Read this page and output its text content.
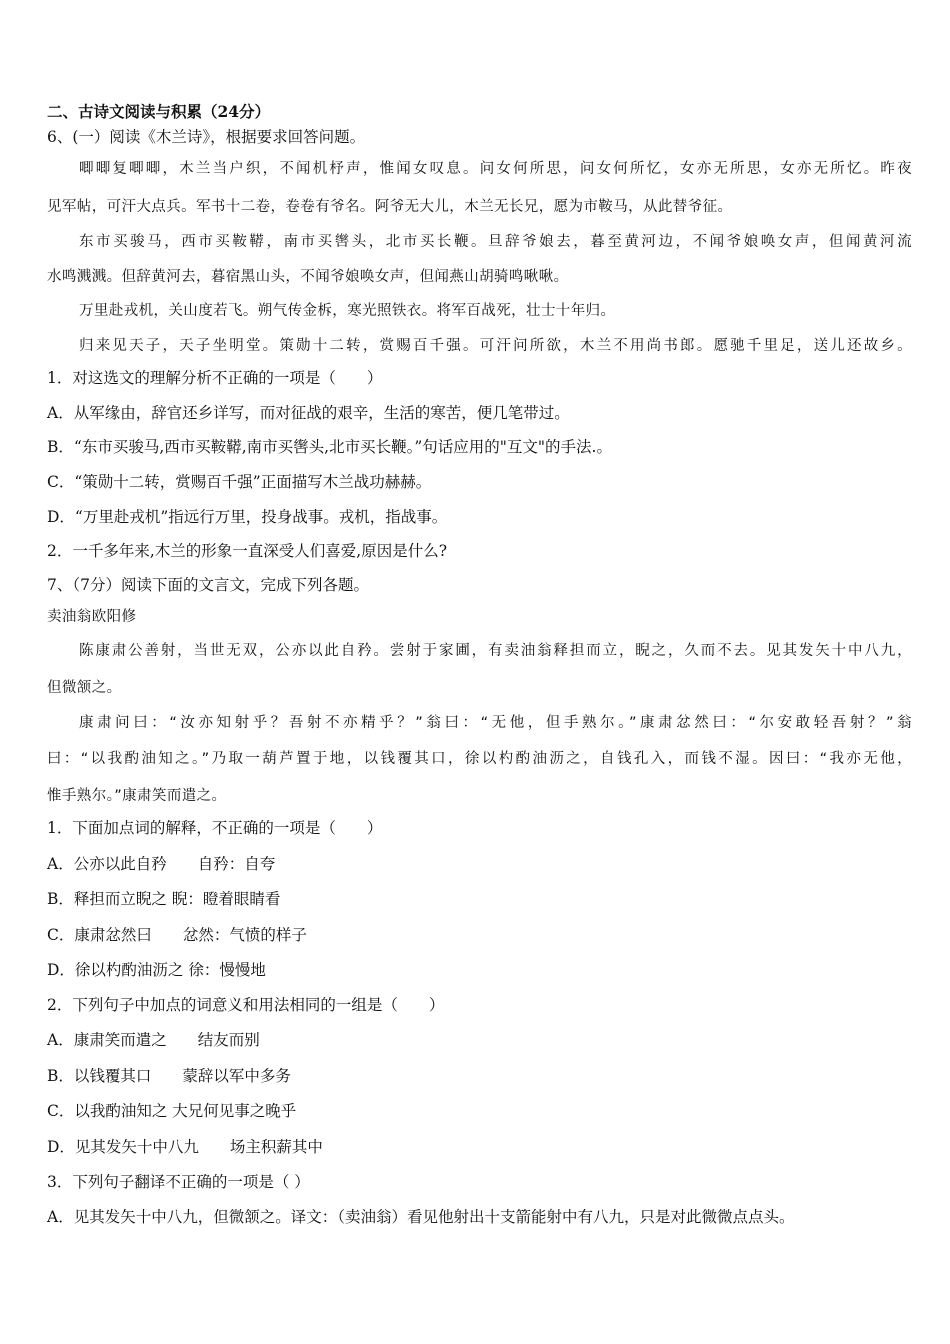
二、古诗文阅读与积累（24分）
6、(一）阅读《木兰诗》，根据要求回答问题。
唧唧复唧唧，木兰当户织，不闻机杼声，惟闻女叹息。问女何所思，问女何所忆，女亦无所思，女亦无所忆。昨夜
见军帖，可汗大点兵。军书十二卷，卷卷有爷名。阿爷无大儿，木兰无长兄，愿为市鞍马，从此替爷征。
东市买骏马，西市买鞍鞯，南市买辔头，北市买长鞭。旦辞爷娘去，暮至黄河边，不闻爷娘唤女声，但闻黄河流
水鸣溅溅。但辞黄河去，暮宿黑山头，不闻爷娘唤女声，但闻燕山胡骑鸣啾啾。
万里赴戎机，关山度若飞。朔气传金柝，寒光照铁衣。将军百战死，壮士十年归。
归来见天子，天子坐明堂。策勋十二转，赏赐百千强。可汗问所欲，木兰不用尚书郎。愿驰千里足，送儿还故乡。
1．对这选文的理解分析不正确的一项是（　　）
A．从军缘由，辞官还乡详写，而对征战的艰辛，生活的寒苦，便几笔带过。
B．“东市买骏马,西市买鞍鞯,南市买辔头,北市买长鞭。”句话应用的"互文"的手法.。
C．“策勋十二转，赏赐百千强”正面描写木兰战功赫赫。
D．“万里赴戎机”指远行万里，投身战事。戎机，指战事。
2．一千多年来,木兰的形象一直深受人们喜爱,原因是什么?
7、（7分）阅读下面的文言文，完成下列各题。
卖油翁欧阳修
陈康肃公善射，当世无双，公亦以此自矜。尝射于家圃，有卖油翁释担而立，睨之，久而不去。见其发矢十中八九，
但微颔之。
康肃问曰：“汝亦知射乎？吾射不亦精乎？”翁曰：“无他，但手熟尔。”康肃忿然曰：“尔安敢轻吾射？”翁
曰：“以我酌油知之。”乃取一葫芦置于地，以钱覆其口，徐以杓酌油沥之，自钱孔入，而钱不湿。因曰：“我亦无他，
惟手熟尔。”康肃笑而遣之。
1．下面加点词的解释，不正确的一项是（　　）
A．公亦以此自矜　　自矜：自夸
B．释担而立睨之 睨：瞪着眼睛看
C．康肃忿然曰　　忿然：气愤的样子
D．徐以杓酌油沥之 徐：慢慢地
2．下列句子中加点的词意义和用法相同的一组是（　　）
A．康肃笑而遣之　　结友而别
B．以钱覆其口　　蒙辞以军中多务
C．以我酌油知之 大兄何见事之晚乎
D．见其发矢十中八九　　场主积薪其中
3．下列句子翻译不正确的一项是（ ）
A．见其发矢十中八九，但微颔之。译文：（卖油翁）看见他射出十支箭能射中有八九，只是对此微微点点头。
